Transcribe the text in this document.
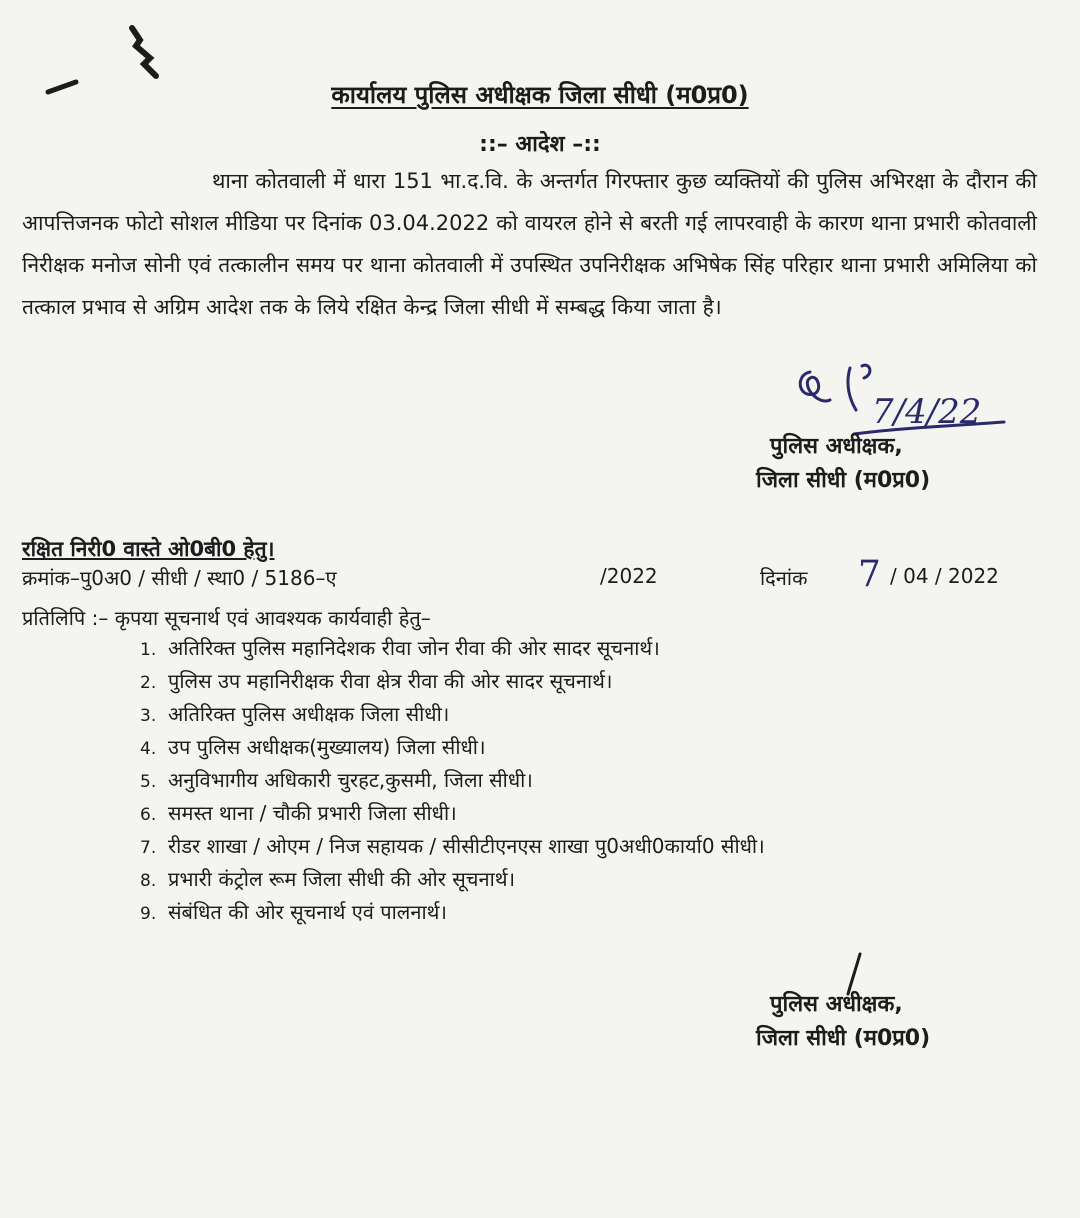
कार्यालय पुलिस अधीक्षक जिला सीधी (म0प्र0)
::– आदेश –::
थाना कोतवाली में धारा 151 भा.द.वि. के अन्तर्गत गिरफ्तार कुछ व्यक्तियों की पुलिस अभिरक्षा के दौरान की आपत्तिजनक फोटो सोशल मीडिया पर दिनांक 03.04.2022 को वायरल होने से बरती गई लापरवाही के कारण थाना प्रभारी कोतवाली निरीक्षक मनोज सोनी एवं तत्कालीन समय पर थाना कोतवाली में उपस्थित उपनिरीक्षक अभिषेक सिंह परिहार थाना प्रभारी अमिलिया को तत्काल प्रभाव से अग्रिम आदेश तक के लिये रक्षित केन्द्र जिला सीधी में सम्बद्ध किया जाता है।
7/4/22
पुलिस अधीक्षक,
जिला सीधी (म0प्र0)
रक्षित निरी0 वास्ते ओ0बी0 हेतु।
क्रमांक–पु0अ0 / सीधी / स्था0 / 5186–ए	/2022	दिनांक 7 / 04 / 2022
प्रतिलिपि :– कृपया सूचनार्थ एवं आवश्यक कार्यवाही हेतु–
1. अतिरिक्त पुलिस महानिदेशक रीवा जोन रीवा की ओर सादर सूचनार्थ।
2. पुलिस उप महानिरीक्षक रीवा क्षेत्र रीवा की ओर सादर सूचनार्थ।
3. अतिरिक्त पुलिस अधीक्षक जिला सीधी।
4. उप पुलिस अधीक्षक(मुख्यालय) जिला सीधी।
5. अनुविभागीय अधिकारी चुरहट,कुसमी, जिला सीधी।
6. समस्त थाना / चौकी प्रभारी जिला सीधी।
7. रीडर शाखा / ओएम / निज सहायक / सीसीटीएनएस शाखा पु0अधी0कार्या0 सीधी।
8. प्रभारी कंट्रोल रूम जिला सीधी की ओर सूचनार्थ।
9. संबंधित की ओर सूचनार्थ एवं पालनार्थ।
पुलिस अधीक्षक,
जिला सीधी (म0प्र0)
